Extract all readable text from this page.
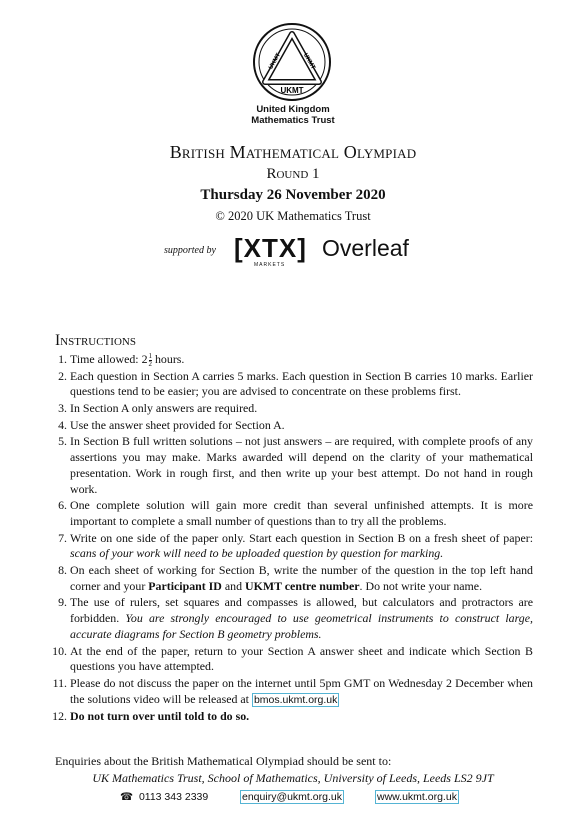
UKMT
UKMT	UKMT
United Kingdom
Mathematics Trust
British Mathematical Olympiad
Round 1
Thursday 26 November 2020
© 2020 UK Mathematics Trust
supported by [XTX]
MARKETS
Overleaf
Instructions
1. Time allowed: $2 \frac{1}{2}$ hours.
2. Each question in Section A carries 5 marks. Each question in Section B carries 10 marks. Earlier questions tend to be easier; you are advised to concentrate on these problems first.
3. In Section A only answers are required.
4. Use the answer sheet provided for Section A.
5. In Section B full written solutions – not just answers – are required, with complete proofs of any assertions you may make. Marks awarded will depend on the clarity of your mathematical presentation. Work in rough first, and then write up your best attempt. Do not hand in rough work.
6. One complete solution will gain more credit than several unfinished attempts. It is more important to complete a small number of questions than to try all the problems.
7. Write on one side of the paper only. Start each question in Section B on a fresh sheet of paper: scans of your work will need to be uploaded question by question for marking.
8. On each sheet of working for Section B, write the number of the question in the top left hand corner and your Participant ID and UKMT centre number. Do not write your name.
9. The use of rulers, set squares and compasses is allowed, but calculators and protractors are forbidden. You are strongly encouraged to use geometrical instruments to construct large, accurate diagrams for Section B geometry problems.
10. At the end of the paper, return to your Section A answer sheet and indicate which Section B questions you have attempted.
11. Please do not discuss the paper on the internet until 5pm GMT on Wednesday 2 December when the solutions video will be released at bmos.ukmt.org.uk
12. Do not turn over until told to do so.
Enquiries about the British Mathematical Olympiad should be sent to:
UK Mathematics Trust, School of Mathematics, University of Leeds, Leeds LS2 9JT
☎ 0113 343 2339	enquiry@ukmt.org.uk	www.ukmt.org.uk
